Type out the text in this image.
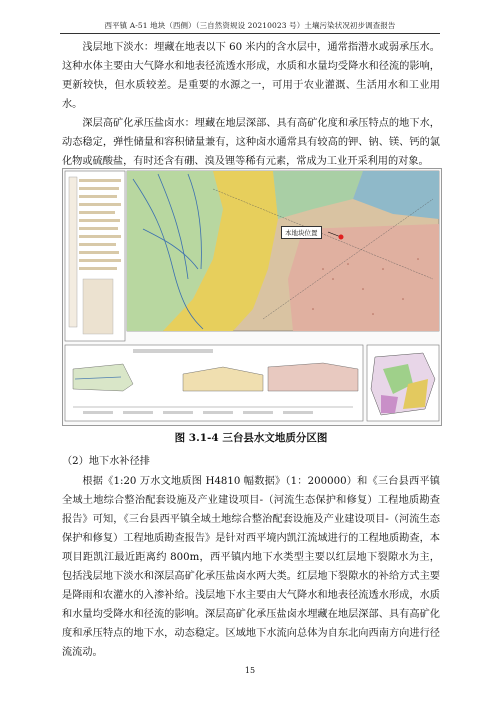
西平镇 A-51 地块（西侧）（三自然资规设 20210023 号）土壤污染状况初步调查报告

浅层地下淡水：埋藏在地表以下 60 米内的含水层中，通常指潜水或弱承压水。这种水体主要由大气降水和地表径流透水形成，水质和水量均受降水和径流的影响，更新较快，但水质较差。是重要的水源之一，可用于农业灌溉、生活用水和工业用水。

深层高矿化承压盐卤水：埋藏在地层深部、具有高矿化度和承压特点的地下水，动态稳定，弹性储量和容积储量兼有，这种卤水通常具有较高的钾、钠、镁、钙的氯化物或硫酸盐，有时还含有硼、溴及锂等稀有元素，常成为工业开采利用的对象。

本地块位置
图 3.1-4 三台县水文地质分区图
（2）地下水补径排

根据《1:20 万水文地质图 H4810 幅数据》（1：200000）和《三台县西平镇全域土地综合整治配套设施及产业建设项目-（河流生态保护和修复）工程地质勘查报告》可知，《三台县西平镇全域土地综合整治配套设施及产业建设项目-（河流生态保护和修复）工程地质勘查报告》是针对西平境内凯江流域进行的工程地质勘查，本项目距凯江最近距离约 800m，西平镇内地下水类型主要以红层地下裂隙水为主，包括浅层地下淡水和深层高矿化承压盐卤水两大类。红层地下裂隙水的补给方式主要是降雨和农灌水的入渗补给。浅层地下水主要由大气降水和地表径流透水形成，水质和水量均受降水和径流的影响。深层高矿化承压盐卤水埋藏在地层深部、具有高矿化度和承压特点的地下水，动态稳定。区域地下水流向总体为自东北向西南方向进行径流流动。

15
